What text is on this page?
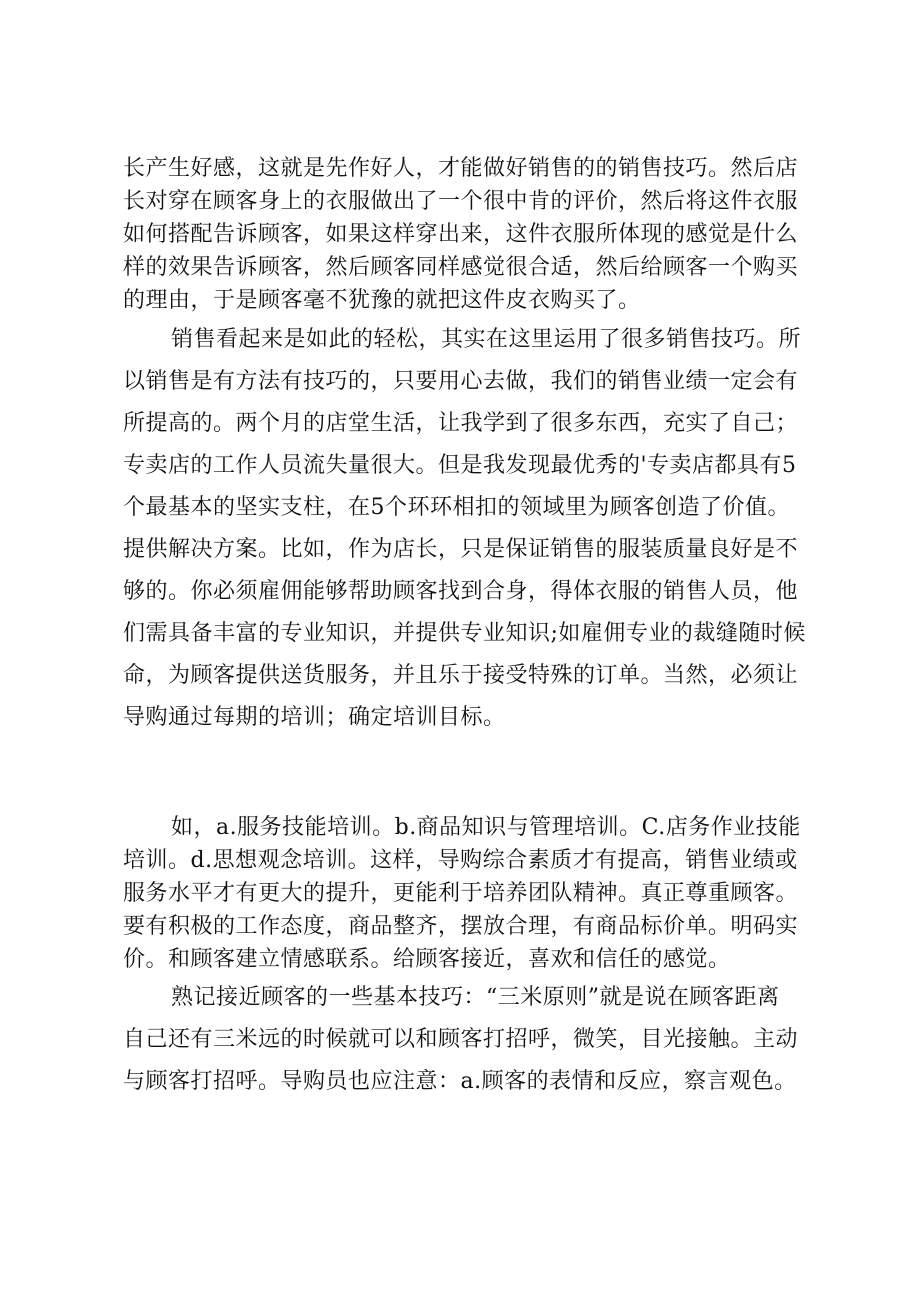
长产生好感，这就是先作好人，才能做好销售的的销售技巧。然后店
长对穿在顾客身上的衣服做出了一个很中肯的评价，然后将这件衣服
如何搭配告诉顾客，如果这样穿出来，这件衣服所体现的感觉是什么
样的效果告诉顾客，然后顾客同样感觉很合适，然后给顾客一个购买
的理由，于是顾客毫不犹豫的就把这件皮衣购买了。
销售看起来是如此的轻松，其实在这里运用了很多销售技巧。所
以销售是有方法有技巧的，只要用心去做，我们的销售业绩一定会有
所提高的。两个月的店堂生活，让我学到了很多东西，充实了自己；
专卖店的工作人员流失量很大。但是我发现最优秀的'专卖店都具有5
个最基本的坚实支柱，在5个环环相扣的领域里为顾客创造了价值。
提供解决方案。比如，作为店长，只是保证销售的服装质量良好是不
够的。你必须雇佣能够帮助顾客找到合身，得体衣服的销售人员，他
们需具备丰富的专业知识，并提供专业知识;如雇佣专业的裁缝随时候
命，为顾客提供送货服务，并且乐于接受特殊的订单。当然，必须让
导购通过每期的培训；确定培训目标。
如，a.服务技能培训。b.商品知识与管理培训。C.店务作业技能
培训。d.思想观念培训。这样，导购综合素质才有提高，销售业绩或
服务水平才有更大的提升，更能利于培养团队精神。真正尊重顾客。
要有积极的工作态度，商品整齐，摆放合理，有商品标价单。明码实
价。和顾客建立情感联系。给顾客接近，喜欢和信任的感觉。
熟记接近顾客的一些基本技巧：“三米原则”就是说在顾客距离
自己还有三米远的时候就可以和顾客打招呼，微笑，目光接触。主动
与顾客打招呼。导购员也应注意：a.顾客的表情和反应，察言观色。
